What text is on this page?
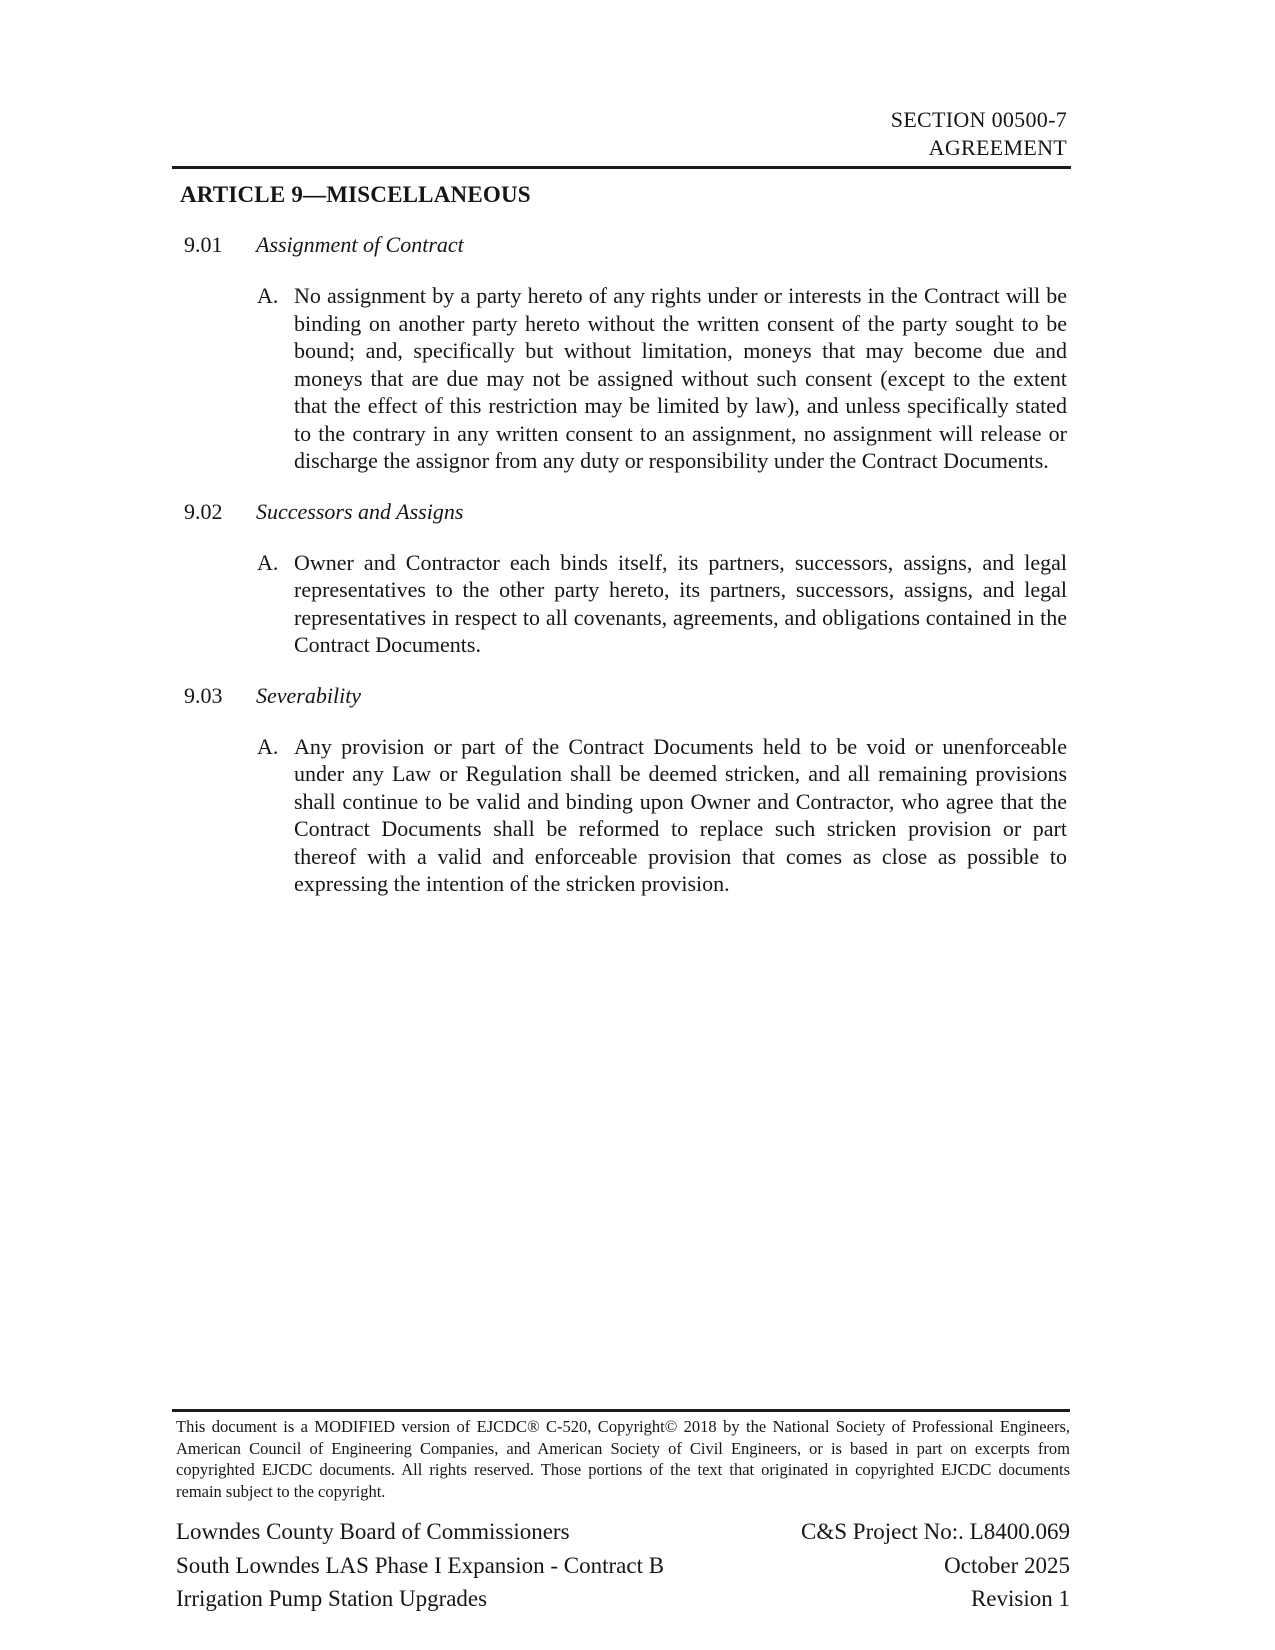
SECTION 00500-7
AGREEMENT
ARTICLE 9—MISCELLANEOUS
9.01	Assignment of Contract
A. No assignment by a party hereto of any rights under or interests in the Contract will be binding on another party hereto without the written consent of the party sought to be bound; and, specifically but without limitation, moneys that may become due and moneys that are due may not be assigned without such consent (except to the extent that the effect of this restriction may be limited by law), and unless specifically stated to the contrary in any written consent to an assignment, no assignment will release or discharge the assignor from any duty or responsibility under the Contract Documents.

9.02	Successors and Assigns
A. Owner and Contractor each binds itself, its partners, successors, assigns, and legal representatives to the other party hereto, its partners, successors, assigns, and legal representatives in respect to all covenants, agreements, and obligations contained in the Contract Documents.

9.03	Severability
A. Any provision or part of the Contract Documents held to be void or unenforceable under any Law or Regulation shall be deemed stricken, and all remaining provisions shall continue to be valid and binding upon Owner and Contractor, who agree that the Contract Documents shall be reformed to replace such stricken provision or part thereof with a valid and enforceable provision that comes as close as possible to expressing the intention of the stricken provision.

This document is a MODIFIED version of EJCDC® C-520, Copyright© 2018 by the National Society of Professional Engineers, American Council of Engineering Companies, and American Society of Civil Engineers, or is based in part on excerpts from copyrighted EJCDC documents. All rights reserved. Those portions of the text that originated in copyrighted EJCDC documents remain subject to the copyright.

Lowndes County Board of Commissioners
South Lowndes LAS Phase I Expansion - Contract B
Irrigation Pump Station Upgrades
C&S Project No:. L8400.069
October 2025
Revision 1
